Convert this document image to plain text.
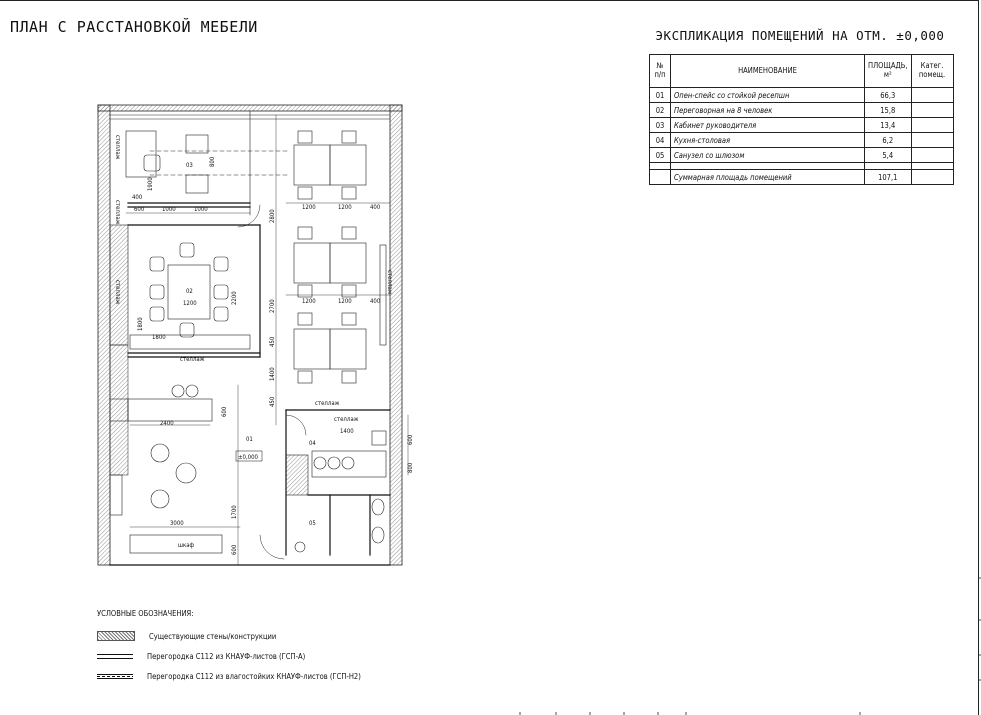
ПЛАН С РАССТАНОВКОЙ МЕБЕЛИ	ЭКСПЛИКАЦИЯ ПОМЕЩЕНИЙ НА ОТМ. ±0,000
№ п/п	НАИМЕНОВАНИЕ	ПЛОЩАДЬ, м²	Катег. помещ.
01	Опен-спейс со стойкой ресепшн	66,3	
02	Переговорная на 8 человек	15,8	
03	Кабинет руководителя	13,4	
04	Кухня-столовая	6,2	
05	Санузел со шлюзом	5,4	

	Суммарная площадь помещений	107,1	
03
02
01
04
05
±0,000
стеллаж
стеллаж
стеллаж
шкаф
стеллаж
стеллаж
стеллаж	стеллаж
600	1000	1000
400
800
1900
1200	1200	400
1200	1200	400
2800
2700
2200
1800
1800
1200
450
1400
450
1400
2400
600
3000
1700
600
600
800
УСЛОВНЫЕ ОБОЗНАЧЕНИЯ:
Существующие стены/конструкции
Перегородка С112 из КНАУФ-листов (ГСП-А)
Перегородка С112 из влагостойких КНАУФ-листов (ГСП-Н2)
